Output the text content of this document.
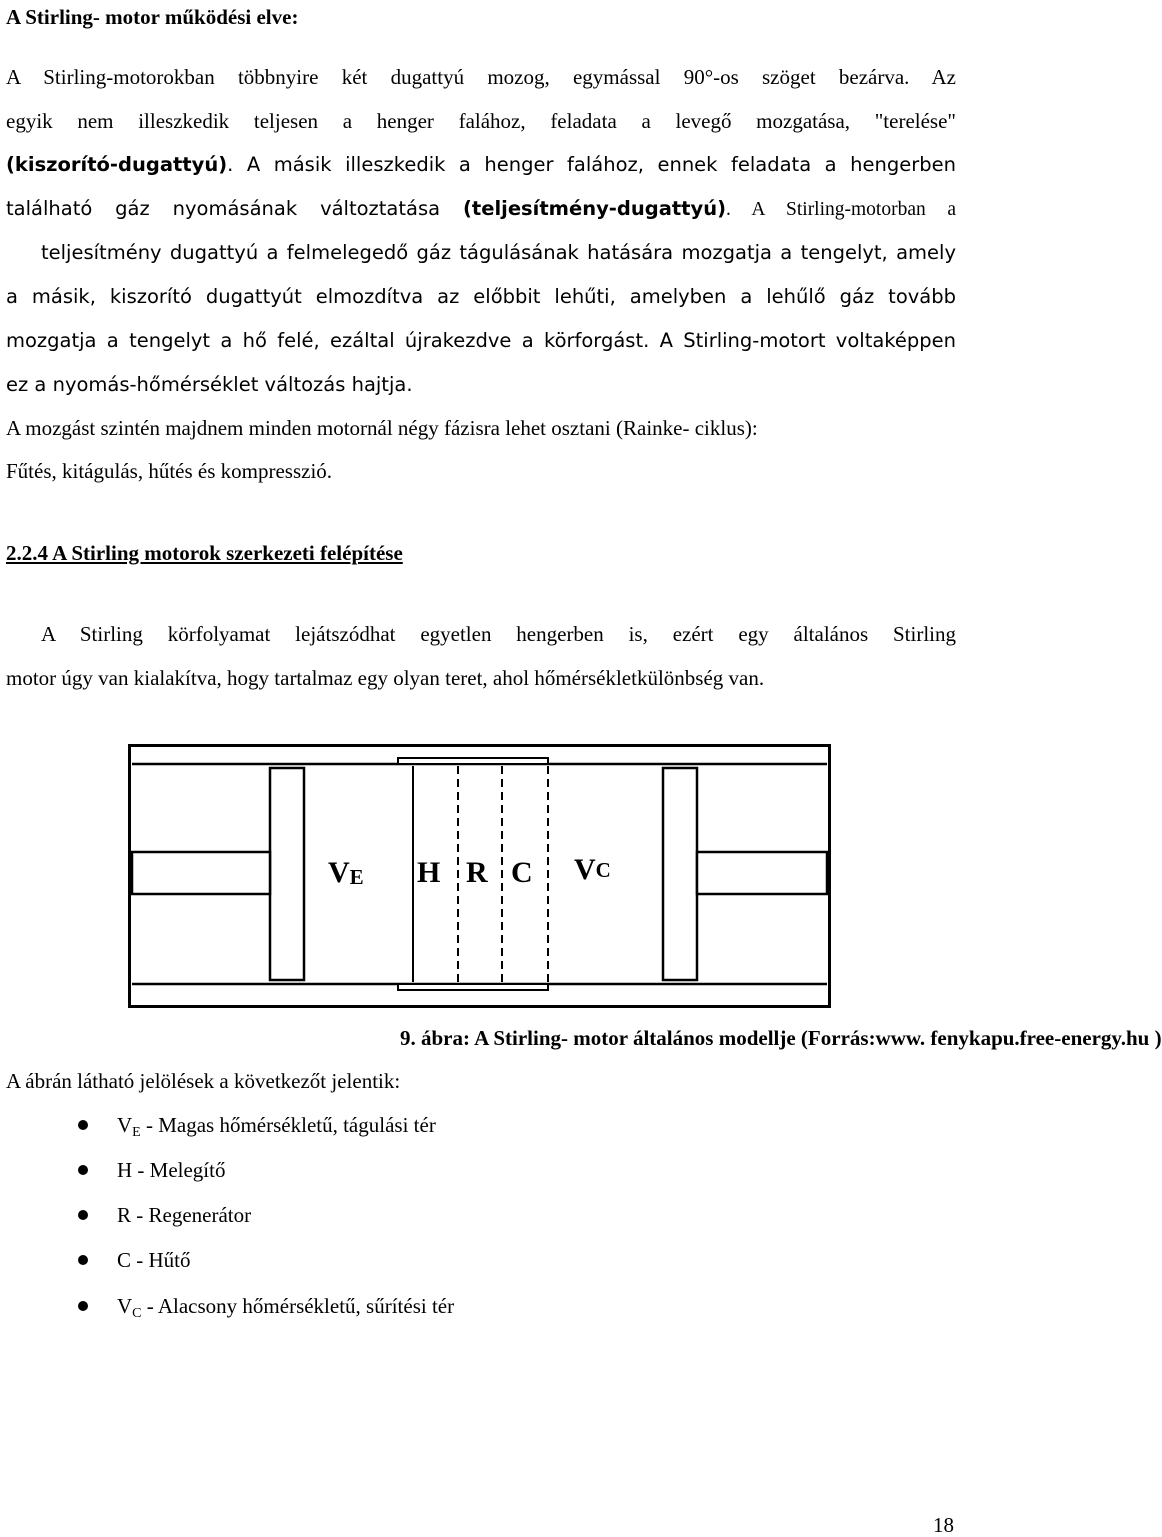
A Stirling- motor működési elve:
A Stirling-motorokban többnyire két dugattyú mozog, egymással 90°-os szöget bezárva. Az
egyik nem illeszkedik teljesen a henger falához, feladata a levegő mozgatása, "terelése"
(kiszorító-dugattyú). A másik illeszkedik a henger falához, ennek feladata a hengerben
található gáz nyomásának változtatása (teljesítmény-dugattyú). A Stirling-motorban a
teljesítmény dugattyú a felmelegedő gáz tágulásának hatására mozgatja a tengelyt, amely
a másik, kiszorító dugattyút elmozdítva az előbbit lehűti, amelyben a lehűlő gáz tovább
mozgatja a tengelyt a hő felé, ezáltal újrakezdve a körforgást. A Stirling-motort voltaképpen
ez a nyomás-hőmérséklet változás hajtja.
A mozgást szintén majdnem minden motornál négy fázisra lehet osztani (Rainke- ciklus):
Fűtés, kitágulás, hűtés és kompresszió.
2.2.4 A Stirling motorok szerkezeti felépítése
A Stirling körfolyamat lejátszódhat egyetlen hengerben is, ezért egy általános Stirling
motor úgy van kialakítva, hogy tartalmaz egy olyan teret, ahol hőmérsékletkülönbség van.
VE H R C VC
9. ábra: A Stirling- motor általános modellje (Forrás:www. fenykapu.free-energy.hu )
A ábrán látható jelölések a következőt jelentik:
$V_E$ - Magas hőmérsékletű, tágulási tér
H - Melegítő
R - Regenerátor
C - Hűtő
$V_C$ - Alacsony hőmérsékletű, sűrítési tér
18
